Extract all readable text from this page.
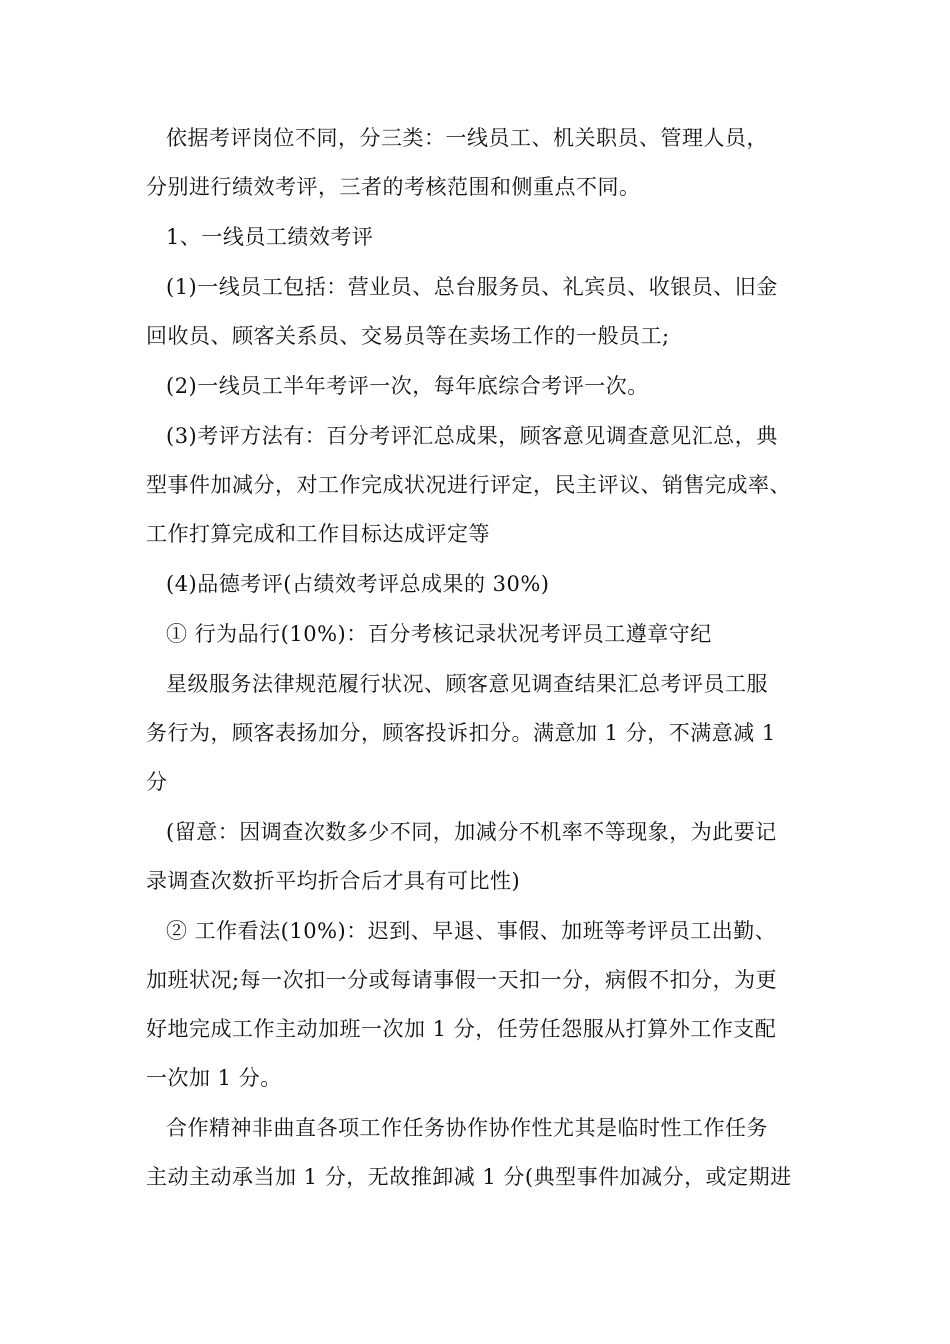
依据考评岗位不同，分三类：一线员工、机关职员、管理人员，
分别进行绩效考评，三者的考核范围和侧重点不同。
1、一线员工绩效考评
(1)一线员工包括：营业员、总台服务员、礼宾员、收银员、旧金
回收员、顾客关系员、交易员等在卖场工作的一般员工;
(2)一线员工半年考评一次，每年底综合考评一次。
(3)考评方法有：百分考评汇总成果，顾客意见调查意见汇总，典
型事件加减分，对工作完成状况进行评定，民主评议、销售完成率、
工作打算完成和工作目标达成评定等
(4)品德考评(占绩效考评总成果的 30%)
① 行为品行(10%)：百分考核记录状况考评员工遵章守纪
星级服务法律规范履行状况、顾客意见调查结果汇总考评员工服
务行为，顾客表扬加分，顾客投诉扣分。满意加 1 分，不满意减 1
分
(留意：因调查次数多少不同，加减分不机率不等现象，为此要记
录调查次数折平均折合后才具有可比性)
② 工作看法(10%)：迟到、早退、事假、加班等考评员工出勤、
加班状况;每一次扣一分或每请事假一天扣一分，病假不扣分，为更
好地完成工作主动加班一次加 1 分，任劳任怨服从打算外工作支配
一次加 1 分。
合作精神非曲直各项工作任务协作协作性尤其是临时性工作任务
主动主动承当加 1 分，无故推卸减 1 分(典型事件加减分，或定期进
